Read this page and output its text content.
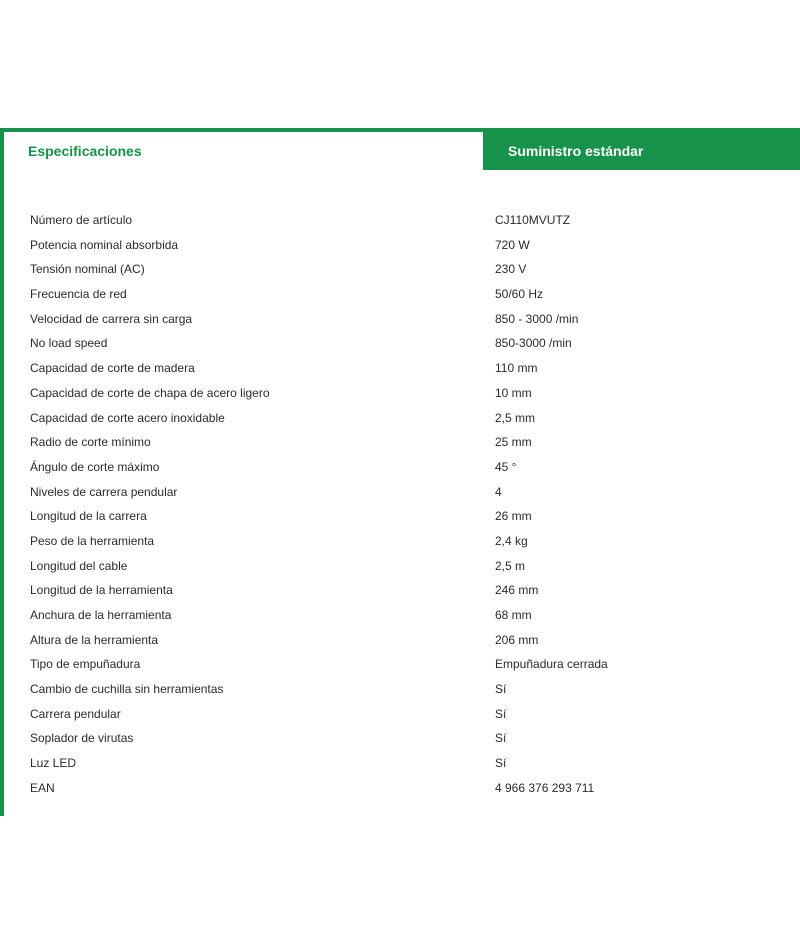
Especificaciones	Suministro estándar
Número de artículo	CJ110MVUTZ
Potencia nominal absorbida	720 W
Tensión nominal (AC)	230 V
Frecuencia de red	50/60 Hz
Velocidad de carrera sin carga	850 - 3000 /min
No load speed	850-3000 /min
Capacidad de corte de madera	110 mm
Capacidad de corte de chapa de acero ligero	10 mm
Capacidad de corte acero inoxidable	2,5 mm
Radio de corte mínimo	25 mm
Ángulo de corte máximo	45 °
Niveles de carrera pendular	4
Longitud de la carrera	26 mm
Peso de la herramienta	2,4 kg
Longitud del cable	2,5 m
Longitud de la herramienta	246 mm
Anchura de la herramienta	68 mm
Altura de la herramienta	206 mm
Tipo de empuñadura	Empuñadura cerrada
Cambio de cuchilla sin herramientas	Sí
Carrera pendular	Sí
Soplador de virutas	Sí
Luz LED	Sí
EAN	4 966 376 293 711
